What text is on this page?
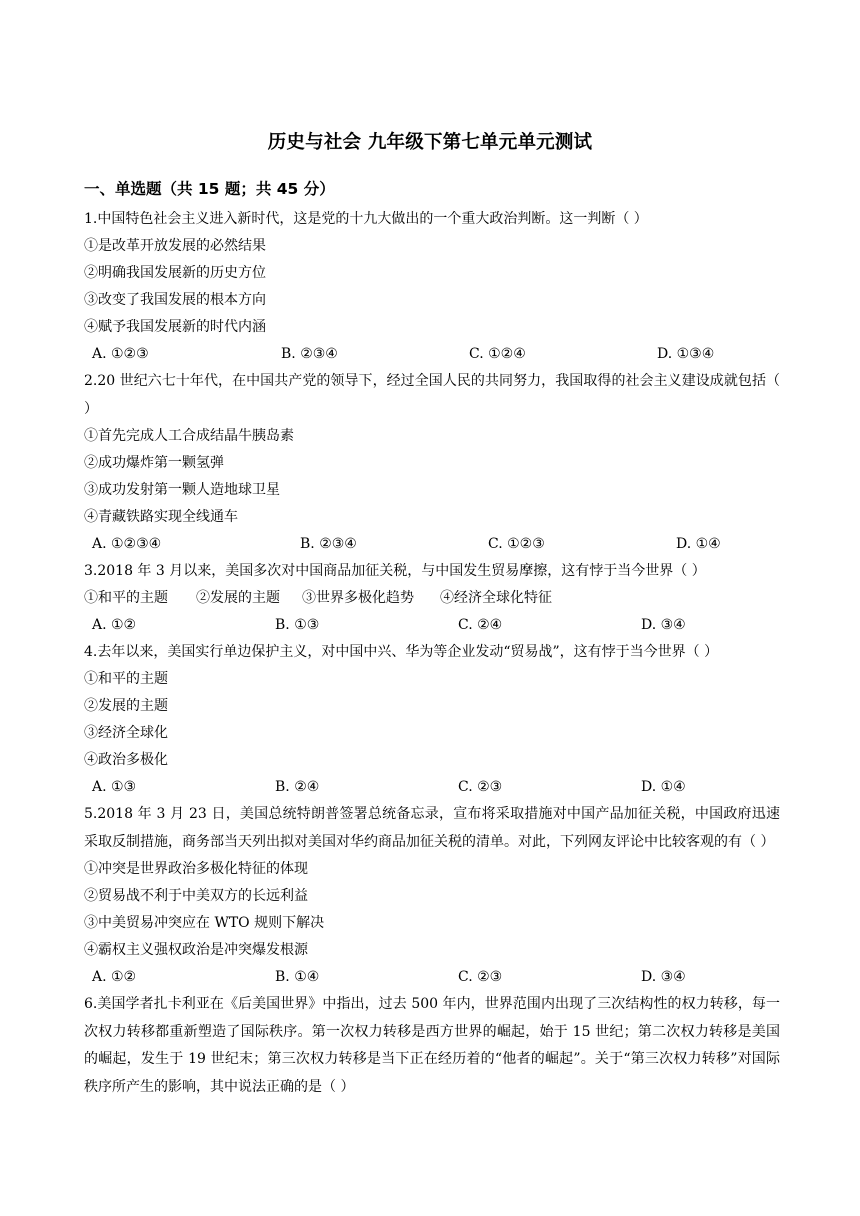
历史与社会 九年级下第七单元单元测试
一、单选题（共 15 题；共 45 分）
1.中国特色社会主义进入新时代，这是党的十九大做出的一个重大政治判断。这一判断（ ）
①是改革开放发展的必然结果
②明确我国发展新的历史方位
③改变了我国发展的根本方向
④赋予我国发展新的时代内涵
A. ①②③	B. ②③④	C. ①②④	D. ①③④
2.20 世纪六七十年代，在中国共产党的领导下，经过全国人民的共同努力，我国取得的社会主义建设成就包括（ ）
①首先完成人工合成结晶牛胰岛素
②成功爆炸第一颗氢弹
③成功发射第一颗人造地球卫星
④青藏铁路实现全线通车
A. ①②③④	B. ②③④	C. ①②③	D. ①④
3.2018 年 3 月以来，美国多次对中国商品加征关税，与中国发生贸易摩擦，这有悖于当今世界（ ）
①和平的主题 ②发展的主题 ③世界多极化趋势 ④经济全球化特征
A. ①②	B. ①③	C. ②④	D. ③④
4.去年以来，美国实行单边保护主义，对中国中兴、华为等企业发动“贸易战”，这有悖于当今世界（ ）
①和平的主题
②发展的主题
③经济全球化
④政治多极化
A. ①③	B. ②④	C. ②③	D. ①④
5.2018 年 3 月 23 日，美国总统特朗普签署总统备忘录，宣布将采取措施对中国产品加征关税，中国政府迅速采取反制措施，商务部当天列出拟对美国对华约商品加征关税的清单。对此，下列网友评论中比较客观的有（ ）
①冲突是世界政治多极化特征的体现
②贸易战不利于中美双方的长远利益
③中美贸易冲突应在 WTO 规则下解决
④霸权主义强权政治是冲突爆发根源
A. ①②	B. ①④	C. ②③	D. ③④
6.美国学者扎卡利亚在《后美国世界》中指出，过去 500 年内，世界范围内出现了三次结构性的权力转移，每一次权力转移都重新塑造了国际秩序。第一次权力转移是西方世界的崛起，始于 15 世纪；第二次权力转移是美国的崛起，发生于 19 世纪末；第三次权力转移是当下正在经历着的“他者的崛起”。关于“第三次权力转移”对国际秩序所产生的影响，其中说法正确的是（ ）
